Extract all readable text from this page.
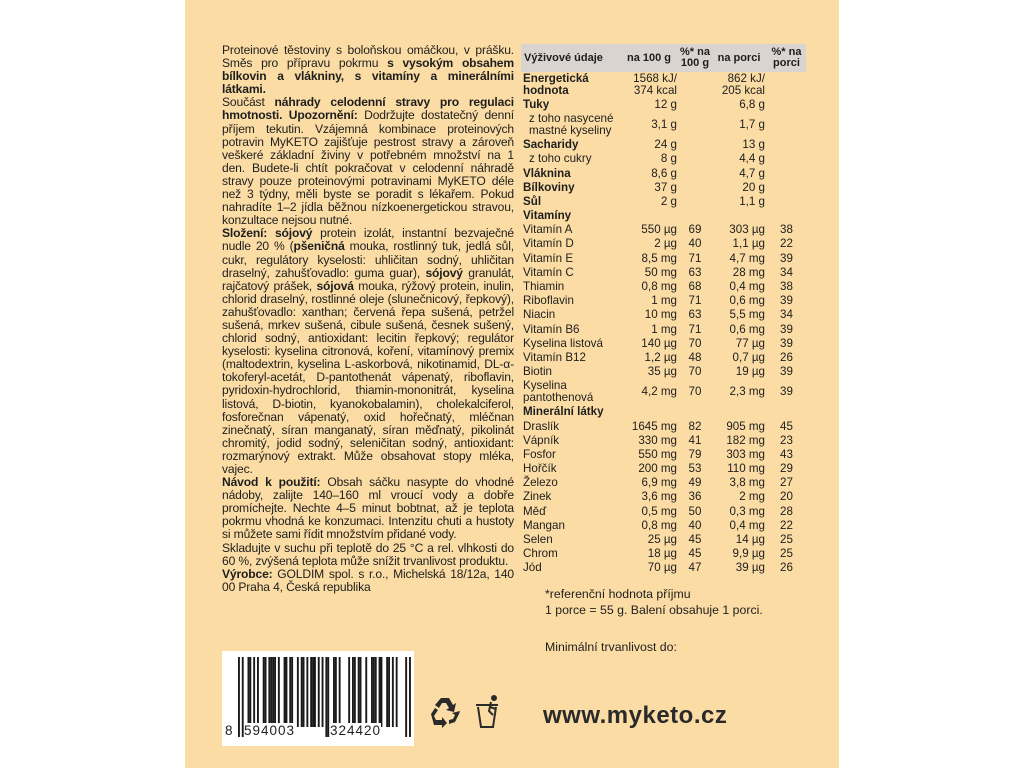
Proteinové těstoviny s boloňskou omáčkou, v prášku. Směs pro přípravu pokrmu s vysokým obsahem bílkovin a vlákniny, s vitamíny a minerálními látkami.

Součást náhrady celodenní stravy pro regulaci hmotnosti. Upozornění: Dodržujte dostatečný denní příjem tekutin. Vzájemná kombinace proteinových potravin MyKETO zajišťuje pestrost stravy a zároveň veškeré základní živiny v potřebném množství na 1 den. Budete-li chtít pokračovat v celodenní náhradě stravy pouze proteinovými potravinami MyKETO déle než 3 týdny, měli byste se poradit s lékařem. Pokud nahradíte 1–2 jídla běžnou nízkoenergetickou stravou, konzultace nejsou nutné.

Složení: sójový protein izolát, instantní bezvaječné nudle 20 % (pšeničná mouka, rostlinný tuk, jedlá sůl, cukr, regulátory kyselosti: uhličitan sodný, uhličitan draselný, zahušťovadlo: guma guar), sójový granulát, rajčatový prášek, sójová mouka, rýžový protein, inulin, chlorid draselný, rostlinné oleje (slunečnicový, řepkový), zahušťovadlo: xanthan; červená řepa sušená, petržel sušená, mrkev sušená, cibule sušená, česnek sušený, chlorid sodný, antioxidant: lecitin řepkový; regulátor kyselosti: kyselina citronová, koření, vitamínový premix (maltodextrin, kyselina L-askorbová, nikotinamid, DL-α-tokoferyl-acetát, D-pantothenát vápenatý, riboflavin, pyridoxin-hydrochlorid, thiamin-mononitrát, kyselina listová, D-biotin, kyanokobalamin), cholekalciferol, fosforečnan vápenatý, oxid hořečnatý, mléčnan zinečnatý, síran manganatý, síran měďnatý, pikolinát chromitý, jodid sodný, seleničitan sodný, antioxidant: rozmarýnový extrakt. Může obsahovat stopy mléka, vajec.

Návod k použití: Obsah sáčku nasypte do vhodné nádoby, zalijte 140–160 ml vroucí vody a dobře promíchejte. Nechte 4–5 minut bobtnat, až je teplota pokrmu vhodná ke konzumaci. Intenzitu chuti a hustoty si můžete sami řídit množstvím přidané vody.

Skladujte v suchu při teplotě do 25 °C a rel. vlhkosti do 60 %, zvýšená teplota může snížit trvanlivost produktu.

Výrobce: GOLDIM spol. s r.o., Michelská 18/12a, 140 00 Praha 4, Česká republika

Výživové údaje	na 100 g	%* na 100 g	na porci	%* na porci
Energetická hodnota	1568 kJ/ 374 kcal		862 kJ/ 205 kcal	
Tuky	12 g		6,8 g	
z toho nasycené mastné kyseliny	3,1 g		1,7 g	
Sacharidy	24 g		13 g	
z toho cukry	8 g		4,4 g	
Vláknina	8,6 g		4,7 g	
Bílkoviny	37 g		20 g	
Sůl	2 g		1,1 g	
Vitamíny				
Vitamín A	550 µg	69	303 µg	38
Vitamín D	2 µg	40	1,1 µg	22
Vitamín E	8,5 mg	71	4,7 mg	39
Vitamín C	50 mg	63	28 mg	34
Thiamin	0,8 mg	68	0,4 mg	38
Riboflavin	1 mg	71	0,6 mg	39
Niacin	10 mg	63	5,5 mg	34
Vitamín B6	1 mg	71	0,6 mg	39
Kyselina listová	140 µg	70	77 µg	39
Vitamín B12	1,2 µg	48	0,7 µg	26
Biotin	35 µg	70	19 µg	39
Kyselina pantothenová	4,2 mg	70	2,3 mg	39
Minerální látky				
Draslík	1645 mg	82	905 mg	45
Vápník	330 mg	41	182 mg	23
Fosfor	550 mg	79	303 mg	43
Hořčík	200 mg	53	110 mg	29
Železo	6,9 mg	49	3,8 mg	27
Zinek	3,6 mg	36	2 mg	20
Měď	0,5 mg	50	0,3 mg	28
Mangan	0,8 mg	40	0,4 mg	22
Selen	25 µg	45	14 µg	25
Chrom	18 µg	45	9,9 µg	25
Jód	70 µg	47	39 µg	26

*referenční hodnota příjmu

1 porce = 55 g. Balení obsahuje 1 porci.

Minimální trvanlivost do:
8 594003	324420
www.myketo.cz
